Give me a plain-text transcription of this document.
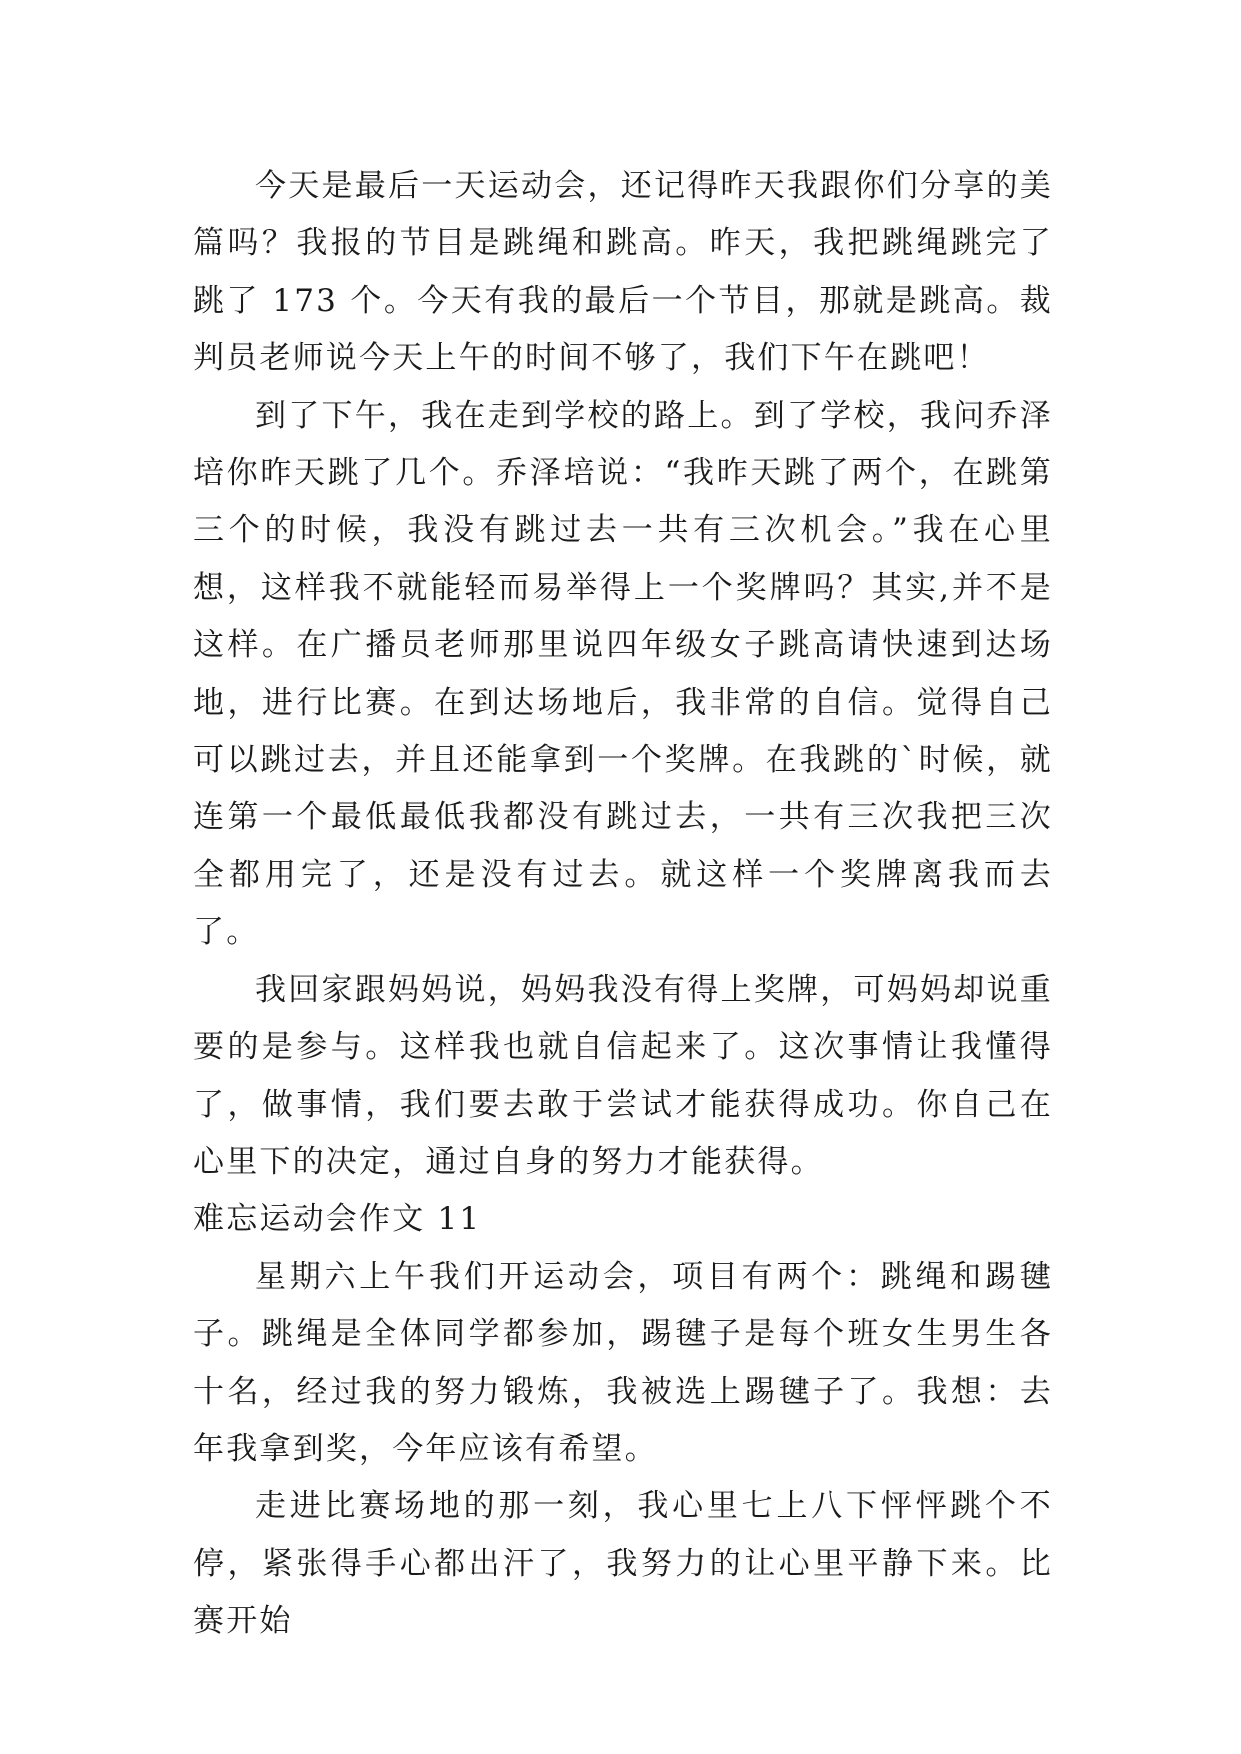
今天是最后一天运动会，还记得昨天我跟你们分享的美篇吗？我报的节目是跳绳和跳高。昨天，我把跳绳跳完了跳了 173 个。今天有我的最后一个节目，那就是跳高。裁判员老师说今天上午的时间不够了，我们下午在跳吧！

到了下午，我在走到学校的路上。到了学校，我问乔泽培你昨天跳了几个。乔泽培说：“我昨天跳了两个，在跳第三个的时候，我没有跳过去一共有三次机会。”我在心里想，这样我不就能轻而易举得上一个奖牌吗？其实,并不是这样。在广播员老师那里说四年级女子跳高请快速到达场地，进行比赛。在到达场地后，我非常的自信。觉得自己可以跳过去，并且还能拿到一个奖牌。在我跳的`时候，就连第一个最低最低我都没有跳过去，一共有三次我把三次全都用完了，还是没有过去。就这样一个奖牌离我而去了。

我回家跟妈妈说，妈妈我没有得上奖牌，可妈妈却说重要的是参与。这样我也就自信起来了。这次事情让我懂得了，做事情，我们要去敢于尝试才能获得成功。你自己在心里下的决定，通过自身的努力才能获得。

难忘运动会作文 11

星期六上午我们开运动会，项目有两个：跳绳和踢毽子。跳绳是全体同学都参加，踢毽子是每个班女生男生各十名，经过我的努力锻炼，我被选上踢毽子了。我想：去年我拿到奖，今年应该有希望。

走进比赛场地的那一刻，我心里七上八下怦怦跳个不停，紧张得手心都出汗了，我努力的让心里平静下来。比赛开始
